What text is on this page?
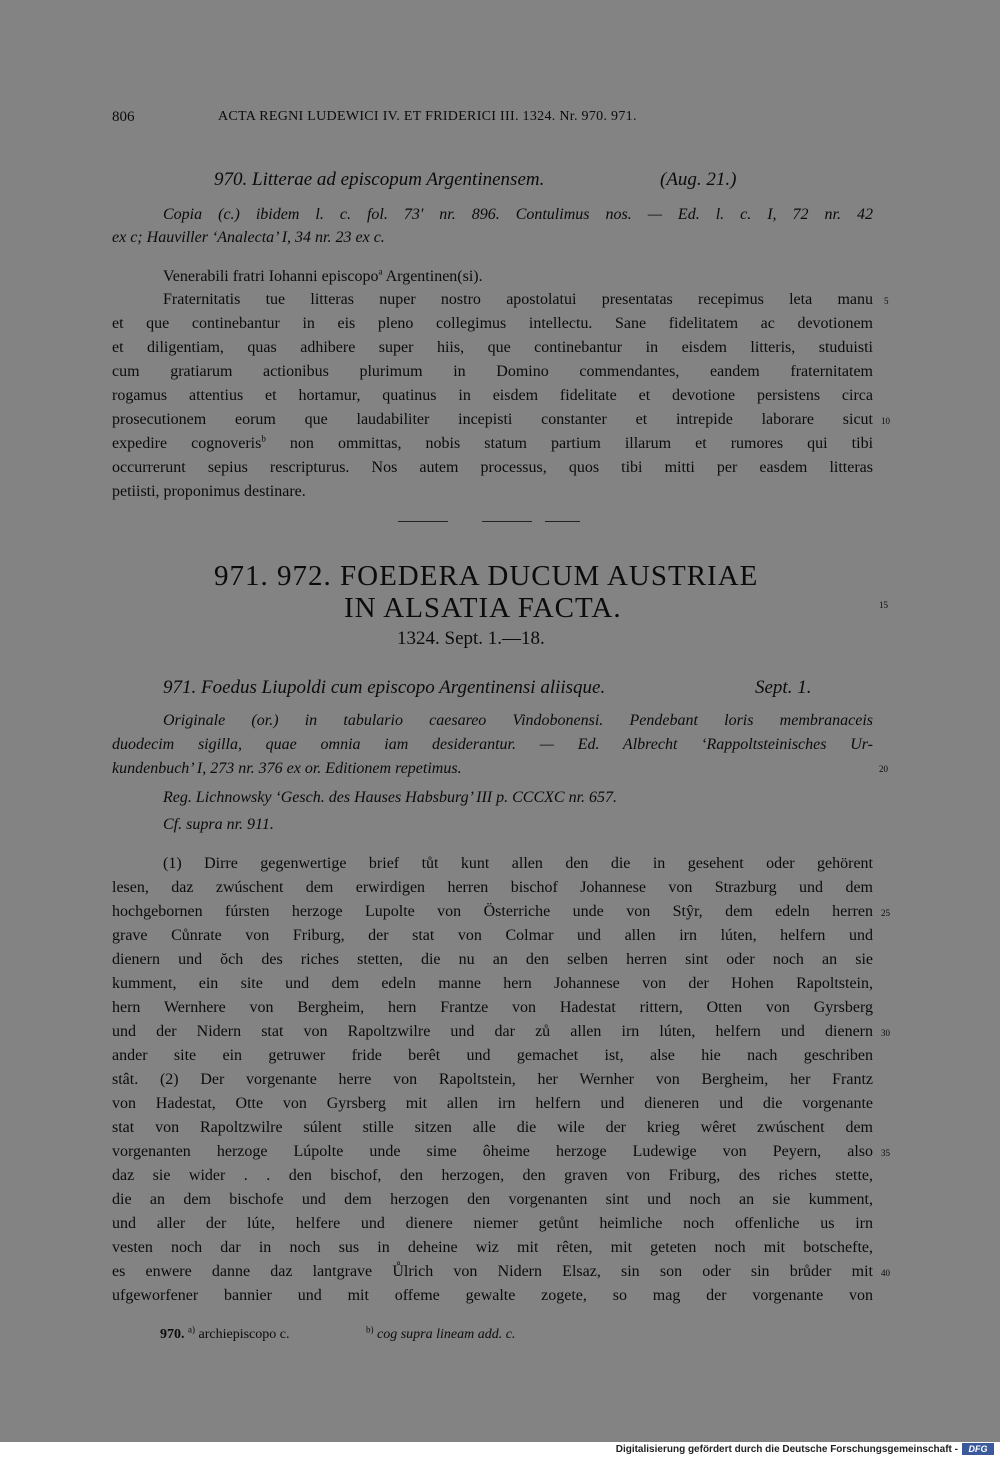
806	ACTA REGNI LUDEWICI IV. ET FRIDERICI III. 1324. Nr. 970. 971.
970. Litterae ad episcopum Argentinensem.	(Aug. 21.)
Copia (c.) ibidem l. c. fol. 73' nr. 896. Contulimus nos. — Ed. l. c. I, 72 nr. 42
ex c; Hauviller ‘Analecta’ I, 34 nr. 23 ex c.
Venerabili fratri Iohanni episcopo$^a$ Argentinen(si).
Fraternitatis tue litteras nuper nostro apostolatui presentatas recepimus leta manu
et que continebantur in eis pleno collegimus intellectu. Sane fidelitatem ac devotionem
et diligentiam, quas adhibere super hiis, que continebantur in eisdem litteris, studuisti
cum gratiarum actionibus plurimum in Domino commendantes, eandem fraternitatem
rogamus attentius et hortamur, quatinus in eisdem fidelitate et devotione persistens circa
prosecutionem eorum que laudabiliter incepisti constanter et intrepide laborare sicut
expedire cognoveris$^b$ non ommittas, nobis statum partium illarum et rumores qui tibi
occurrerunt sepius rescripturus. Nos autem processus, quos tibi mitti per easdem litteras
petiisti, proponimus destinare.
971. 972. FOEDERA DUCUM AUSTRIAE
IN ALSATIA FACTA.
1324. Sept. 1.—18.
971. Foedus Liupoldi cum episcopo Argentinensi aliisque.	Sept. 1.
Originale (or.) in tabulario caesareo Vindobonensi. Pendebant loris membranaceis
duodecim sigilla, quae omnia iam desiderantur. — Ed. Albrecht ‘Rappoltsteinisches Ur-
kundenbuch’ I, 273 nr. 376 ex or. Editionem repetimus.
Reg. Lichnowsky ‘Gesch. des Hauses Habsburg’ III p. CCCXC nr. 657.
Cf. supra nr. 911.
(1) Dirre gegenwertige brief tůt kunt allen den die in gesehent oder gehörent
lesen, daz zwúschent dem erwirdigen herren bischof Johannese von Strazburg und dem
hochgebornen fúrsten herzoge Lupolte von Österriche unde von Stŷr, dem edeln herren
grave Cůnrate von Friburg, der stat von Colmar und allen irn lúten, helfern und
dienern und ŏch des riches stetten, die nu an den selben herren sint oder noch an sie
kumment, ein site und dem edeln manne hern Johannese von der Hohen Rapoltstein,
hern Wernhere von Bergheim, hern Frantze von Hadestat rittern, Otten von Gyrsberg
und der Nidern stat von Rapoltzwilre und dar zů allen irn lúten, helfern und dienern
ander site ein getruwer fride berêt und gemachet ist, alse hie nach geschriben
stât. (2) Der vorgenante herre von Rapoltstein, her Wernher von Bergheim, her Frantz
von Hadestat, Otte von Gyrsberg mit allen irn helfern und dieneren und die vorgenante
stat von Rapoltzwilre súlent stille sitzen alle die wile der krieg wêret zwúschent dem
vorgenanten herzoge Lúpolte unde sime ôheime herzoge Ludewige von Peyern, also
daz sie wider . . den bischof, den herzogen, den graven von Friburg, des riches stette,
die an dem bischofe und dem herzogen den vorgenanten sint und noch an sie kumment,
und aller der lúte, helfere und dienere niemer getůnt heimliche noch offenliche us irn
vesten noch dar in noch sus in deheine wiz mit rêten, mit geteten noch mit botschefte,
es enwere danne daz lantgrave Ůlrich von Nidern Elsaz, sin son oder sin brůder mit
ufgeworfener bannier und mit offeme gewalte zogete, so mag der vorgenante von
970. $^{a)}$ archiepiscopo c.	$^{b)}$ cog supra lineam add. c.
5
10
15
20
25
30
35
40
Digitalisierung gefördert durch die Deutsche Forschungsgemeinschaft -	DFG
